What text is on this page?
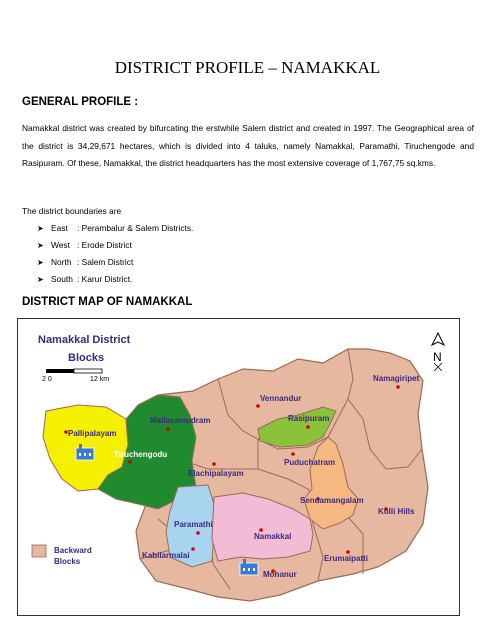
DISTRICT PROFILE – NAMAKKAL
GENERAL PROFILE :
Namakkal district was created by bifurcating the erstwhile Salem district and created in 1997. The Geographical area of the district is 34,29,671 hectares, which is divided into 4 taluks, namely Namakkal, Paramathi, Tiruchengode and Rasipuram. Of these, Namakkal, the district headquarters has the most extensive coverage of 1,767,75 sq.kms.
The district boundaries are
➤ East	: Perambalur & Salem Districts.
➤ West : Erode District
➤ North : Salem District
➤ South : Karur District.
DISTRICT MAP OF NAMAKKAL
Vennandur
Namagiripet
Mallasamudram	Rasipuram
Pallipalayam
Tiruchengodu
Elachipalayam
Puduchatram
Sendamangalam
Kolli Hills
Paramathi
Namakkal
Kabilarmalai	Erumaipatti
Mohanur
Namakkal District
Blocks
2 0	12 km
N
Backward
Blocks
